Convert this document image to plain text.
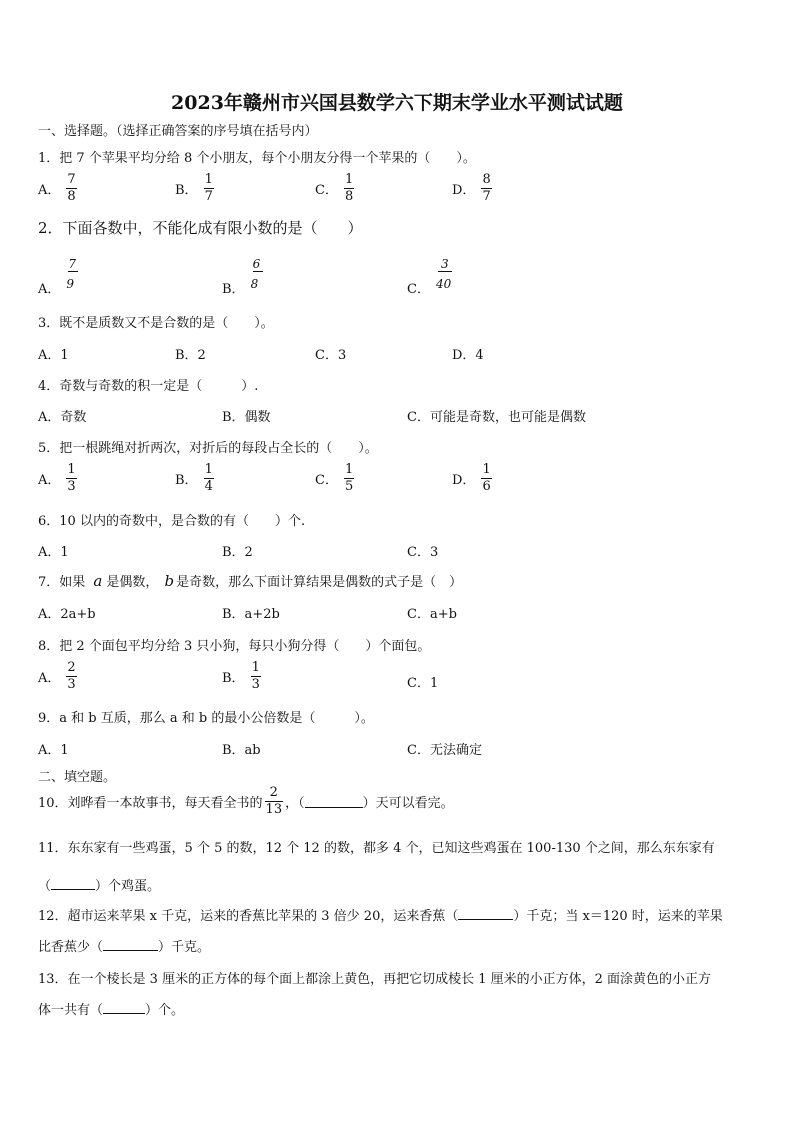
2023年赣州市兴国县数学六下期末学业水平测试试题
一、选择题。（选择正确答案的序号填在括号内）
1．把 7 个苹果平均分给 8 个小朋友，每个小朋友分得一个苹果的（　　）。
A． $\frac{7}{8}$	B． $\frac{1}{7}$	C． $\frac{1}{8}$	D． $\frac{8}{7}$
2．下面各数中，不能化成有限小数的是（　　）
A．
7
9	B．
6
8	C．
3
40
3．既不是质数又不是合数的是（　　）。
A．1	B．2	C．3	D．4
4．奇数与奇数的积一定是（　　　）.
A．奇数	B．偶数	C．可能是奇数，也可能是偶数
5．把一根跳绳对折两次，对折后的每段占全长的（　　）。
A． $\frac{1}{3}$	B． $\frac{1}{4}$	C． $\frac{1}{5}$	D． $\frac{1}{6}$
6．10 以内的奇数中，是合数的有（　　）个.
A．1	B．2	C．3
7．如果 a 是偶数， b 是奇数，那么下面计算结果是偶数的式子是（　）
A．2a+b	B．a+2b	C．a+b
8．把 2 个面包平均分给 3 只小狗，每只小狗分得（　　）个面包。
A． $\frac{2}{3}$	B． $\frac{1}{3}$	C．1
9．a 和 b 互质，那么 a 和 b 的最小公倍数是（　　　）。
A．1	B．ab	C．无法确定
二、填空题。
10．刘晔看一本故事书，每天看全书的 $\frac{2}{13}$ ，（	）天可以看完。
11．东东家有一些鸡蛋，5 个 5 的数，12 个 12 的数，都多 4 个，已知这些鸡蛋在 100-130 个之间，那么东东家有
（	）个鸡蛋。
12．超市运来苹果 x 千克，运来的香蕉比苹果的 3 倍少 20，运来香蕉（	）千克；当 x＝120 时，运来的苹果
比香蕉少（	）千克。
13．在一个棱长是 3 厘米的正方体的每个面上都涂上黄色，再把它切成棱长 1 厘米的小正方体，2 面涂黄色的小正方
体一共有（	）个。
